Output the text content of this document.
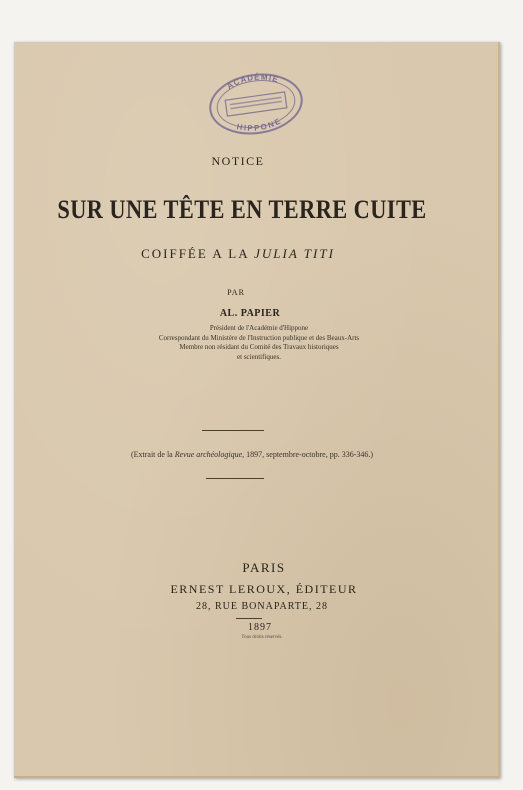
ACADÉMIE
HIPPONE
NOTICE
SUR UNE TÊTE EN TERRE CUITE
COIFFÉE A LA JULIA TITI
PAR
AL. PAPIER
Président de l'Académie d'Hippone
Correspondant du Ministère de l'Instruction publique et des Beaux-Arts
Membre non résidant du Comité des Travaux historiques
et scientifiques.
(Extrait de la Revue archéologique, 1897, septembre-octobre, pp. 336-346.)
PARIS
ERNEST LEROUX, ÉDITEUR
28, RUE BONAPARTE, 28
1897
Tous droits réservés.
